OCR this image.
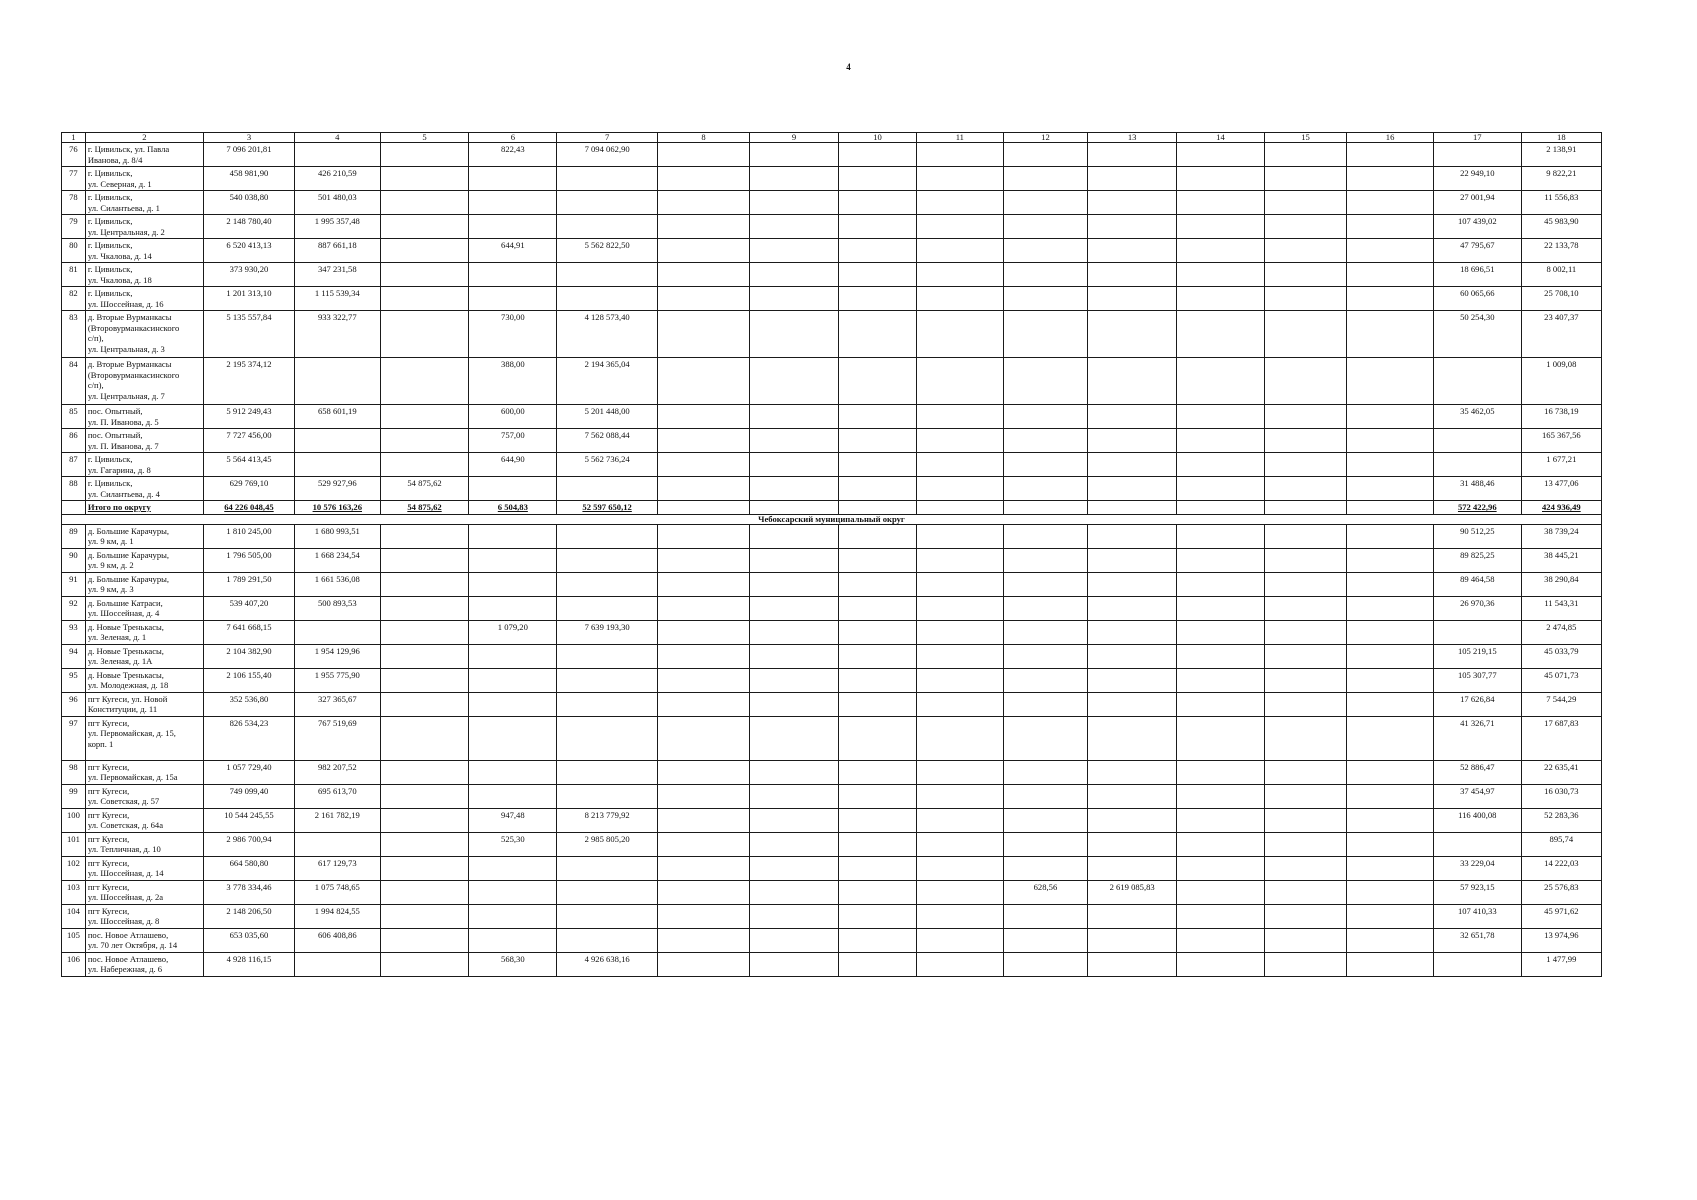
4
1	2	3	4	5	6	7	8	9	10	11	12	13	14	15	16	17	18
76	г. Цивильск, ул. Павла
Иванова, д. 8/4	7 096 201,81			822,43	7 094 062,90											2 138,91
77	г. Цивильск,
ул. Северная, д. 1	458 981,90	426 210,59													22 949,10	9 822,21
78	г. Цивильск,
ул. Силантьева, д. 1	540 038,80	501 480,03													27 001,94	11 556,83
79	г. Цивильск,
ул. Центральная, д. 2	2 148 780,40	1 995 357,48													107 439,02	45 983,90
80	г. Цивильск,
ул. Чкалова, д. 14	6 520 413,13	887 661,18		644,91	5 562 822,50										47 795,67	22 133,78
81	г. Цивильск,
ул. Чкалова, д. 18	373 930,20	347 231,58													18 696,51	8 002,11
82	г. Цивильск,
ул. Шоссейная, д. 16	1 201 313,10	1 115 539,34													60 065,66	25 708,10
83	д. Вторые Вурманкасы
(Второвурманкасинского
с/п),
ул. Центральная, д. 3	5 135 557,84	933 322,77		730,00	4 128 573,40										50 254,30	23 407,37
84	д. Вторые Вурманкасы
(Второвурманкасинского
с/п),
ул. Центральная, д. 7	2 195 374,12			388,00	2 194 365,04											1 009,08
85	пос. Опытный,
ул. П. Иванова, д. 5	5 912 249,43	658 601,19		600,00	5 201 448,00										35 462,05	16 738,19
86	пос. Опытный,
ул. П. Иванова, д. 7	7 727 456,00			757,00	7 562 088,44											165 367,56
87	г. Цивильск,
ул. Гагарина, д. 8	5 564 413,45			644,90	5 562 736,24											1 677,21
88	г. Цивильск,
ул. Силантьева, д. 4	629 769,10	529 927,96	54 875,62												31 488,46	13 477,06
	Итого по округу	64 226 048,45	10 576 163,26	54 875,62	6 504,83	52 597 650,12										572 422,96	424 936,49
Чебоксарский муниципальный округ																	
89	д. Большие Карачуры,
ул. 9 км, д. 1	1 810 245,00	1 680 993,51													90 512,25	38 739,24
90	д. Большие Карачуры,
ул. 9 км, д. 2	1 796 505,00	1 668 234,54													89 825,25	38 445,21
91	д. Большие Карачуры,
ул. 9 км, д. 3	1 789 291,50	1 661 536,08													89 464,58	38 290,84
92	д. Большие Катраси,
ул. Шоссейная, д. 4	539 407,20	500 893,53													26 970,36	11 543,31
93	д. Новые Тренькасы,
ул. Зеленая, д. 1	7 641 668,15			1 079,20	7 639 193,30											2 474,85
94	д. Новые Тренькасы,
ул. Зеленая, д. 1А	2 104 382,90	1 954 129,96													105 219,15	45 033,79
95	д. Новые Тренькасы,
ул. Молодежная, д. 18	2 106 155,40	1 955 775,90													105 307,77	45 071,73
96	пгт Кугеси, ул. Новой
Конституции, д. 11	352 536,80	327 365,67													17 626,84	7 544,29
97	пгт Кугеси,
ул. Первомайская, д. 15,
корп. 1	826 534,23	767 519,69													41 326,71	17 687,83
98	пгт Кугеси,
ул. Первомайская, д. 15а	1 057 729,40	982 207,52													52 886,47	22 635,41
99	пгт Кугеси,
ул. Советская, д. 57	749 099,40	695 613,70													37 454,97	16 030,73
100	пгт Кугеси,
ул. Советская, д. 64а	10 544 245,55	2 161 782,19		947,48	8 213 779,92										116 400,08	52 283,36
101	пгт Кугеси,
ул. Тепличная, д. 10	2 986 700,94			525,30	2 985 805,20											895,74
102	пгт Кугеси,
ул. Шоссейная, д. 14	664 580,80	617 129,73													33 229,04	14 222,03
103	пгт Кугеси,
ул. Шоссейная, д. 2а	3 778 334,46	1 075 748,65								628,56	2 619 085,83				57 923,15	25 576,83
104	пгт Кугеси,
ул. Шоссейная, д. 8	2 148 206,50	1 994 824,55													107 410,33	45 971,62
105	пос. Новое Атлашево,
ул. 70 лет Октября, д. 14	653 035,60	606 408,86													32 651,78	13 974,96
106	пос. Новое Атлашево,
ул. Набережная, д. 6	4 928 116,15			568,30	4 926 638,16											1 477,99
